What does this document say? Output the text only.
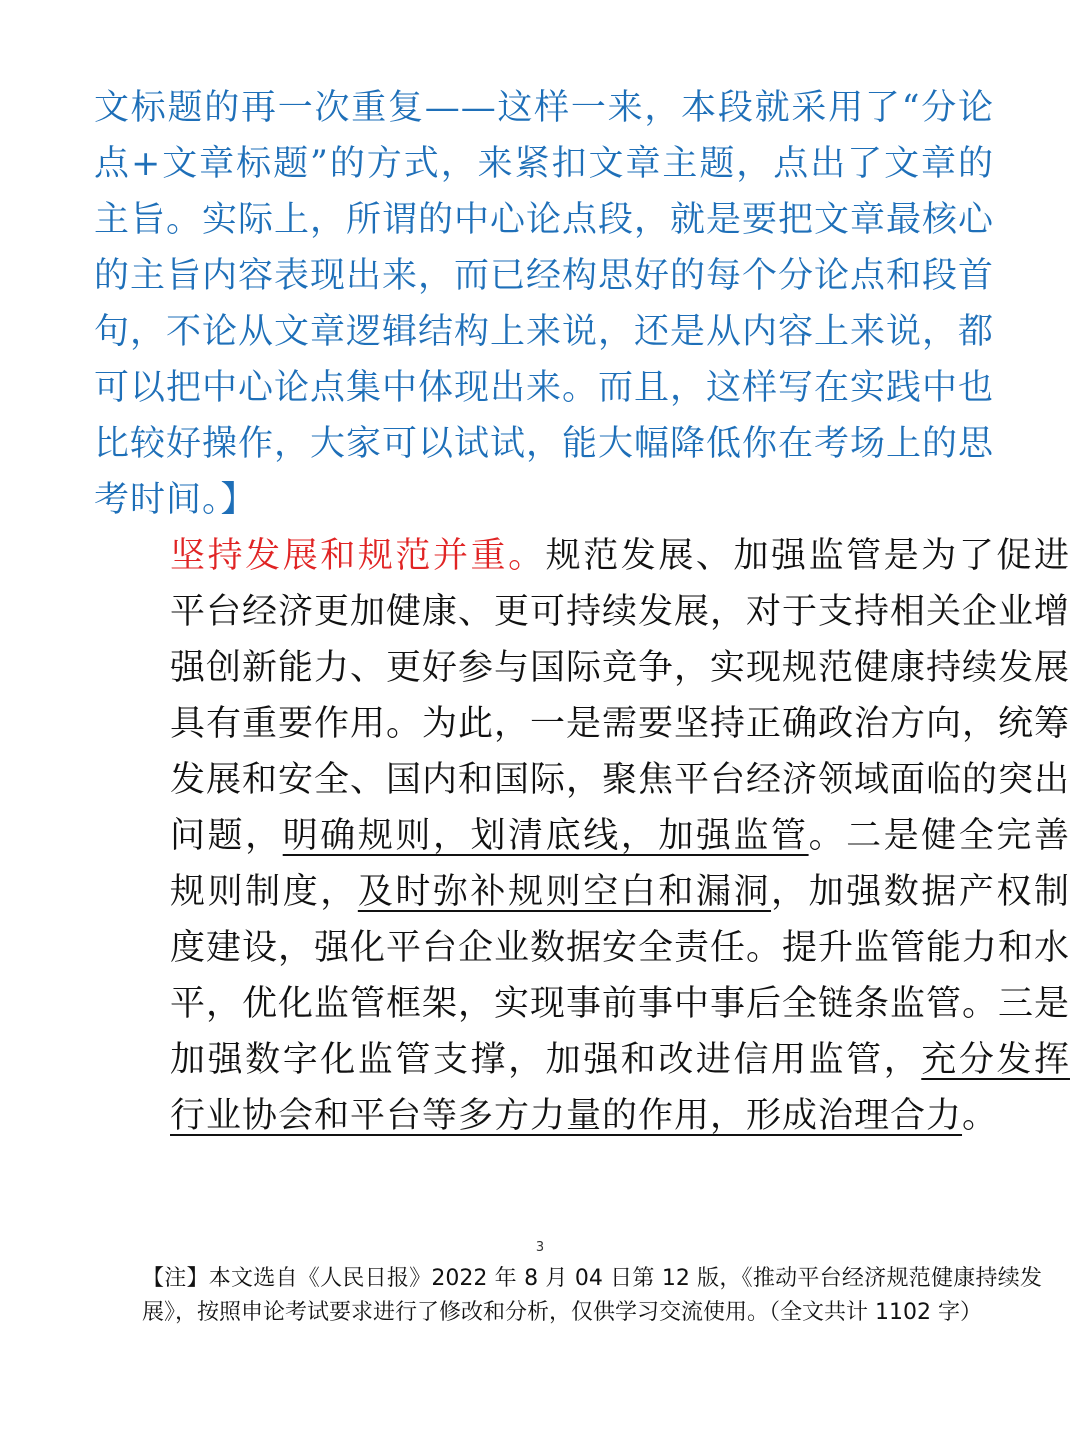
文标题的再一次重复——这样一来，本段就采用了“分论点+文章标题”的方式，来紧扣文章主题，点出了文章的主旨。实际上，所谓的中心论点段，就是要把文章最核心的主旨内容表现出来，而已经构思好的每个分论点和段首句，不论从文章逻辑结构上来说，还是从内容上来说，都可以把中心论点集中体现出来。而且，这样写在实践中也比较好操作，大家可以试试，能大幅降低你在考场上的思考时间。】

坚持发展和规范并重。规范发展、加强监管是为了促进平台经济更加健康、更可持续发展，对于支持相关企业增强创新能力、更好参与国际竞争，实现规范健康持续发展具有重要作用。为此，一是需要坚持正确政治方向，统筹发展和安全、国内和国际，聚焦平台经济领域面临的突出问题，明确规则，划清底线，加强监管。二是健全完善规则制度，及时弥补规则空白和漏洞，加强数据产权制度建设，强化平台企业数据安全责任。提升监管能力和水平，优化监管框架，实现事前事中事后全链条监管。三是加强数字化监管支撑，加强和改进信用监管，充分发挥行业协会和平台等多方力量的作用，形成治理合力。

3

【注】本文选自《人民日报》2022 年 8 月 04 日第 12 版，《推动平台经济规范健康持续发展》，按照申论考试要求进行了修改和分析，仅供学习交流使用。（全文共计 1102 字）
